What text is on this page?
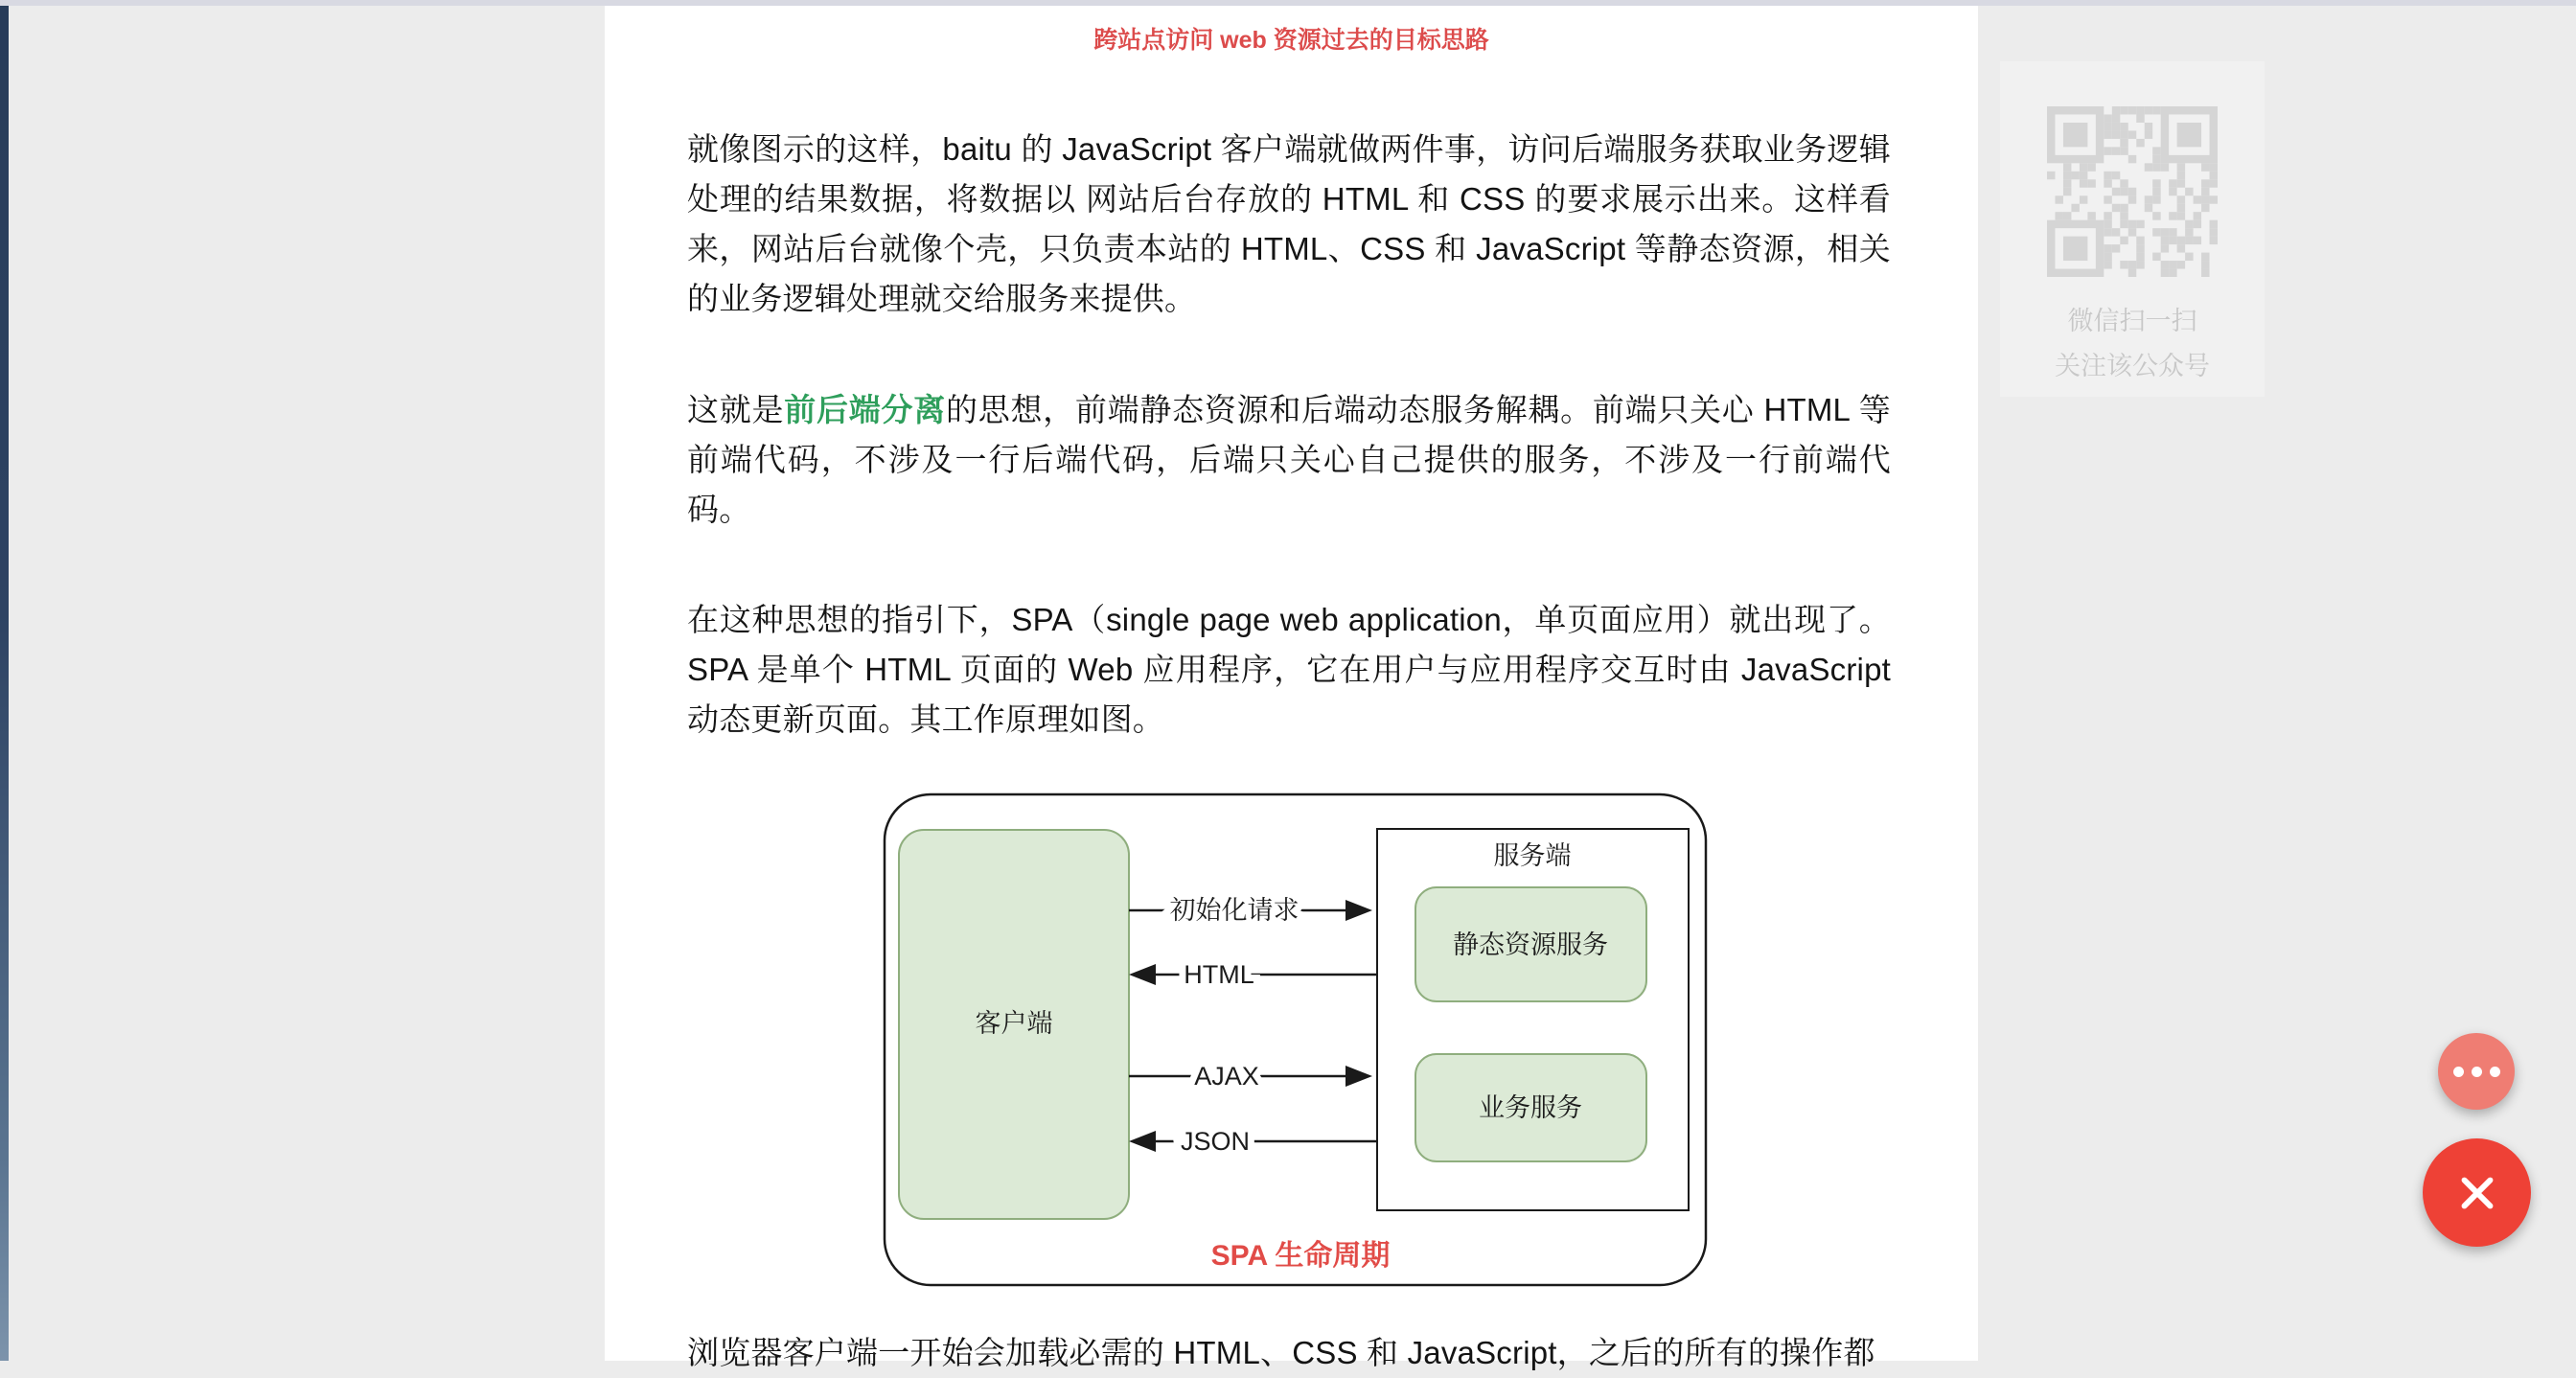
跨站点访问 web 资源过去的目标思路

就像图示的这样，baitu 的 JavaScript 客户端就做两件事，访问后端服务获取业务逻辑处理的结果数据，将数据以 网站后台存放的 HTML 和 CSS 的要求展示出来。这样看来，网站后台就像个壳，只负责本站的 HTML、CSS 和 JavaScript 等静态资源，相关的业务逻辑处理就交给服务来提供。

这就是前后端分离的思想，前端静态资源和后端动态服务解耦。前端只关心 HTML 等前端代码，不涉及一行后端代码，后端只关心自己提供的服务，不涉及一行前端代码。

在这种思想的指引下，SPA（single page web application，单页面应用）就出现了。SPA 是单个 HTML 页面的 Web 应用程序，它在用户与应用程序交互时由 JavaScript 动态更新页面。其工作原理如图。

客户端
服务端
静态资源服务
业务服务
初始化请求
HTML
AJAX
JSON
SPA 生命周期

浏览器客户端一开始会加载必需的 HTML、CSS 和 JavaScript，之后的所有的操作都

微信扫一扫
关注该公众号
